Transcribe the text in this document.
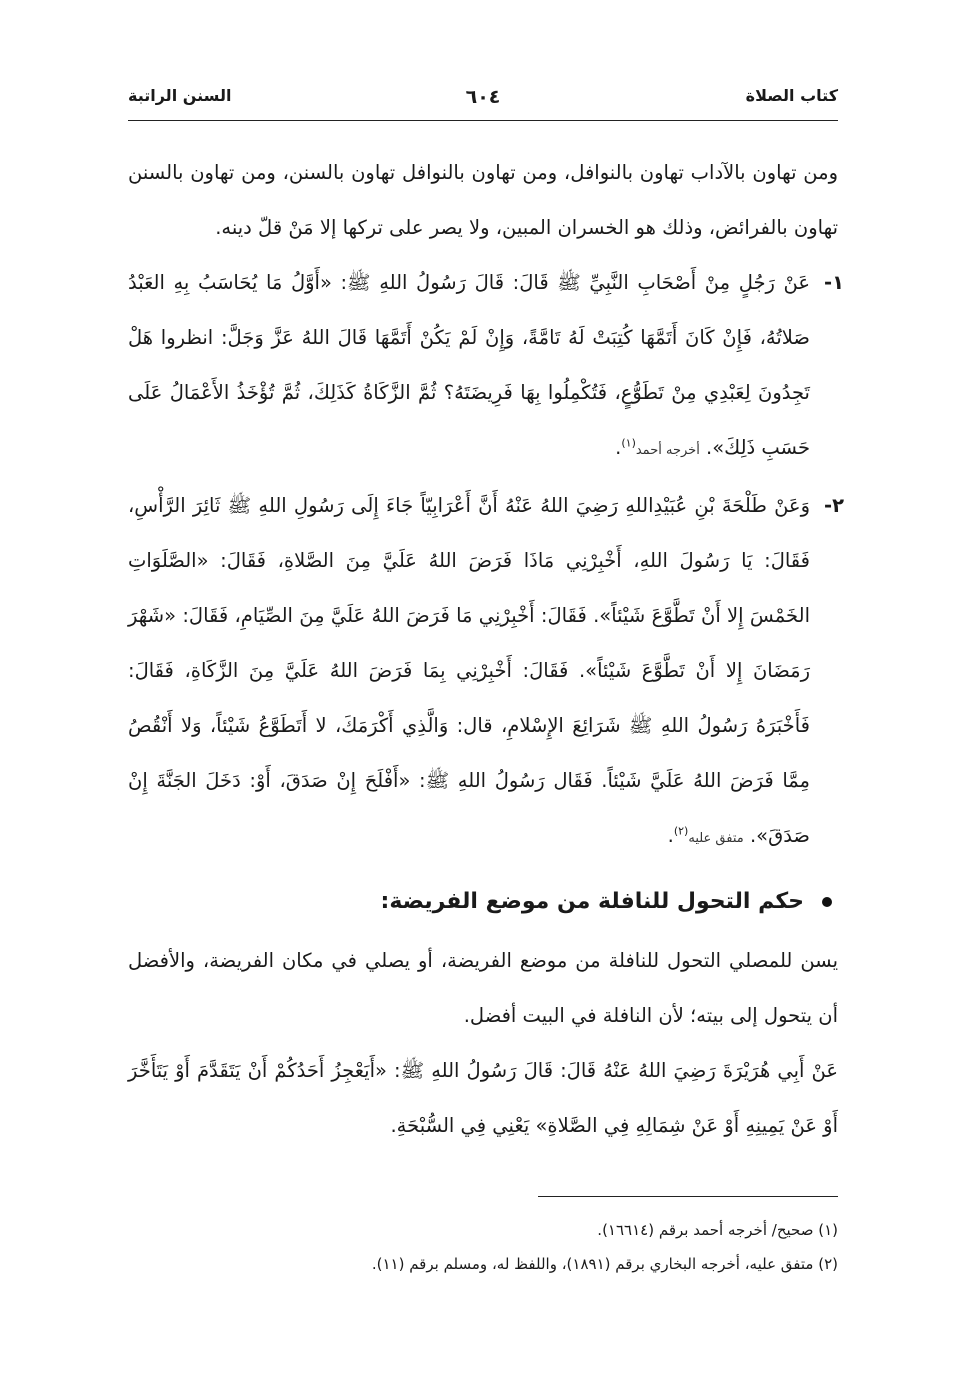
كتاب الصلاة
٦٠٤
السنن الراتبة

ومن تهاون بالآداب تهاون بالنوافل، ومن تهاون بالنوافل تهاون بالسنن، ومن تهاون بالسنن تهاون بالفرائض، وذلك هو الخسران المبين، ولا يصر على تركها إلا مَنْ قلّ دينه.

١-
عَنْ رَجُلٍ مِنْ أَصْحَابِ النَّبِيِّ ﷺ قَالَ: قَالَ رَسُولُ اللهِ ﷺ: «أَوَّلُ مَا يُحَاسَبُ بِهِ العَبْدُ صَلاتُهُ، فَإِنْ كَانَ أَتَمَّهَا كُتِبَتْ لَهُ تَامَّةً، وَإِنْ لَمْ يَكُنْ أَتَمَّهَا قَالَ اللهُ عَزَّ وَجَلَّ: انظروا هَلْ تَجِدُونَ لِعَبْدِي مِنْ تَطَوُّعٍ، فَتُكْمِلُوا بِهَا فَرِيضَتَهُ؟ ثُمَّ الزَّكَاةُ كَذَلِكَ، ثُمَّ تُؤْخَذُ الأَعْمَالُ عَلَى حَسَبِ ذَلِكَ». أخرجه أحمد$^{(١)}$.
٢-
وَعَنْ طَلْحَةَ بْنِ عُبَيْدِاللهِ رَضِيَ اللهُ عَنْهُ أَنَّ أَعْرَابِيّاً جَاءَ إِلَى رَسُولِ اللهِ ﷺ ثَائِرَ الرَّأْسِ، فَقَالَ: يَا رَسُولَ اللهِ، أَخْبِرْنِي مَاذَا فَرَضَ اللهُ عَلَيَّ مِنَ الصَّلاةِ، فَقَالَ: «الصَّلَوَاتِ الخَمْسَ إِلا أَنْ تَطَّوَّعَ شَيْئاً». فَقَالَ: أَخْبِرْنِي مَا فَرَضَ اللهُ عَلَيَّ مِنَ الصِّيَامِ، فَقَالَ: «شَهْرَ رَمَضَانَ إِلا أَنْ تَطَّوَّعَ شَيْئاً». فَقَالَ: أَخْبِرْنِي بِمَا فَرَضَ اللهُ عَلَيَّ مِنَ الزَّكَاةِ، فَقَالَ: فَأَخْبَرَهُ رَسُولُ اللهِ ﷺ شَرَائِعَ الإِسْلامِ، قال: وَالَّذِي أَكْرَمَكَ، لا أَتَطَوَّعُ شَيْئاً، وَلا أَنْقُصُ مِمَّا فَرَضَ اللهُ عَلَيَّ شَيْئاً. فَقَال رَسُولُ اللهِ ﷺ: «أَفْلَحَ إِنْ صَدَقَ، أَوْ: دَخَلَ الجَنَّةَ إِنْ صَدَقَ». متفق عليه$^{(٢)}$.
حكم التحول للنافلة من موضع الفريضة:

يسن للمصلي التحول للنافلة من موضع الفريضة، أو يصلي في مكان الفريضة، والأفضل أن يتحول إلى بيته؛ لأن النافلة في البيت أفضل.

عَنْ أَبِي هُرَيْرَةَ رَضِيَ اللهُ عَنْهُ قَالَ: قَالَ رَسُولُ اللهِ ﷺ: «أَيَعْجِزُ أَحَدُكُمْ أَنْ يَتَقَدَّمَ أَوْ يَتَأَخَّرَ أَوْ عَنْ يَمِينِهِ أَوْ عَنْ شِمَالِهِ فِي الصَّلاةِ» يَعْنِي فِي السُّبْحَةِ.

(١) صحيح/ أخرجه أحمد برقم (١٦٦١٤).

(٢) متفق عليه، أخرجه البخاري برقم (١٨٩١)، واللفظ له، ومسلم برقم (١١).
